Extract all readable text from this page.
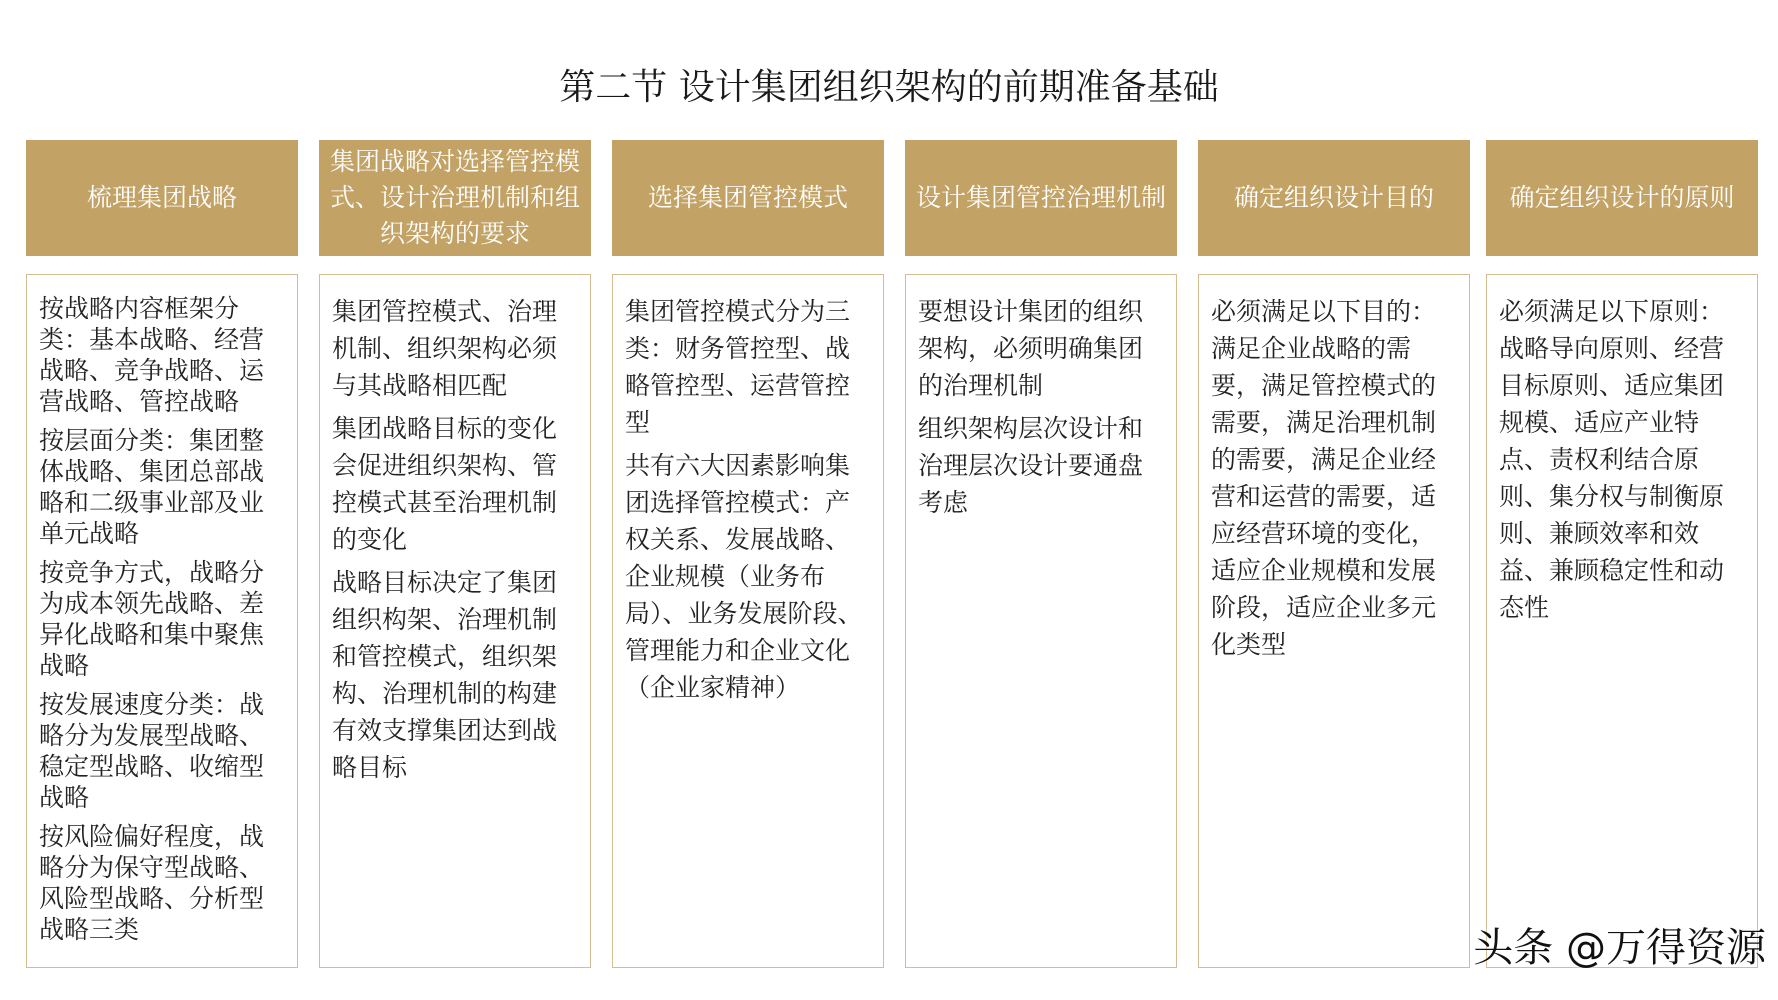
第二节 设计集团组织架构的前期准备基础
梳理集团战略

按战略内容框架分类：基本战略、经营战略、竞争战略、运营战略、管控战略

按层面分类：集团整体战略、集团总部战略和二级事业部及业单元战略

按竞争方式，战略分为成本领先战略、差异化战略和集中聚焦战略

按发展速度分类：战略分为发展型战略、稳定型战略、收缩型战略

按风险偏好程度，战略分为保守型战略、风险型战略、分析型战略三类

集团战略对选择管控模式、设计治理机制和组织架构的要求

集团管控模式、治理机制、组织架构必须与其战略相匹配

集团战略目标的变化会促进组织架构、管控模式甚至治理机制的变化

战略目标决定了集团组织构架、治理机制和管控模式，组织架构、治理机制的构建有效支撑集团达到战略目标

选择集团管控模式

集团管控模式分为三类：财务管控型、战略管控型、运营管控型

共有六大因素影响集团选择管控模式：产权关系、发展战略、企业规模（业务布局）、业务发展阶段、管理能力和企业文化（企业家精神）

设计集团管控治理机制

要想设计集团的组织架构，必须明确集团的治理机制

组织架构层次设计和治理层次设计要通盘考虑

确定组织设计目的

必须满足以下目的：满足企业战略的需要，满足管控模式的需要，满足治理机制的需要，满足企业经营和运营的需要，适应经营环境的变化，适应企业规模和发展阶段，适应企业多元化类型

确定组织设计的原则

必须满足以下原则：战略导向原则、经营目标原则、适应集团规模、适应产业特点、责权利结合原则、集分权与制衡原则、兼顾效率和效益、兼顾稳定性和动态性

头条 @万得资源
